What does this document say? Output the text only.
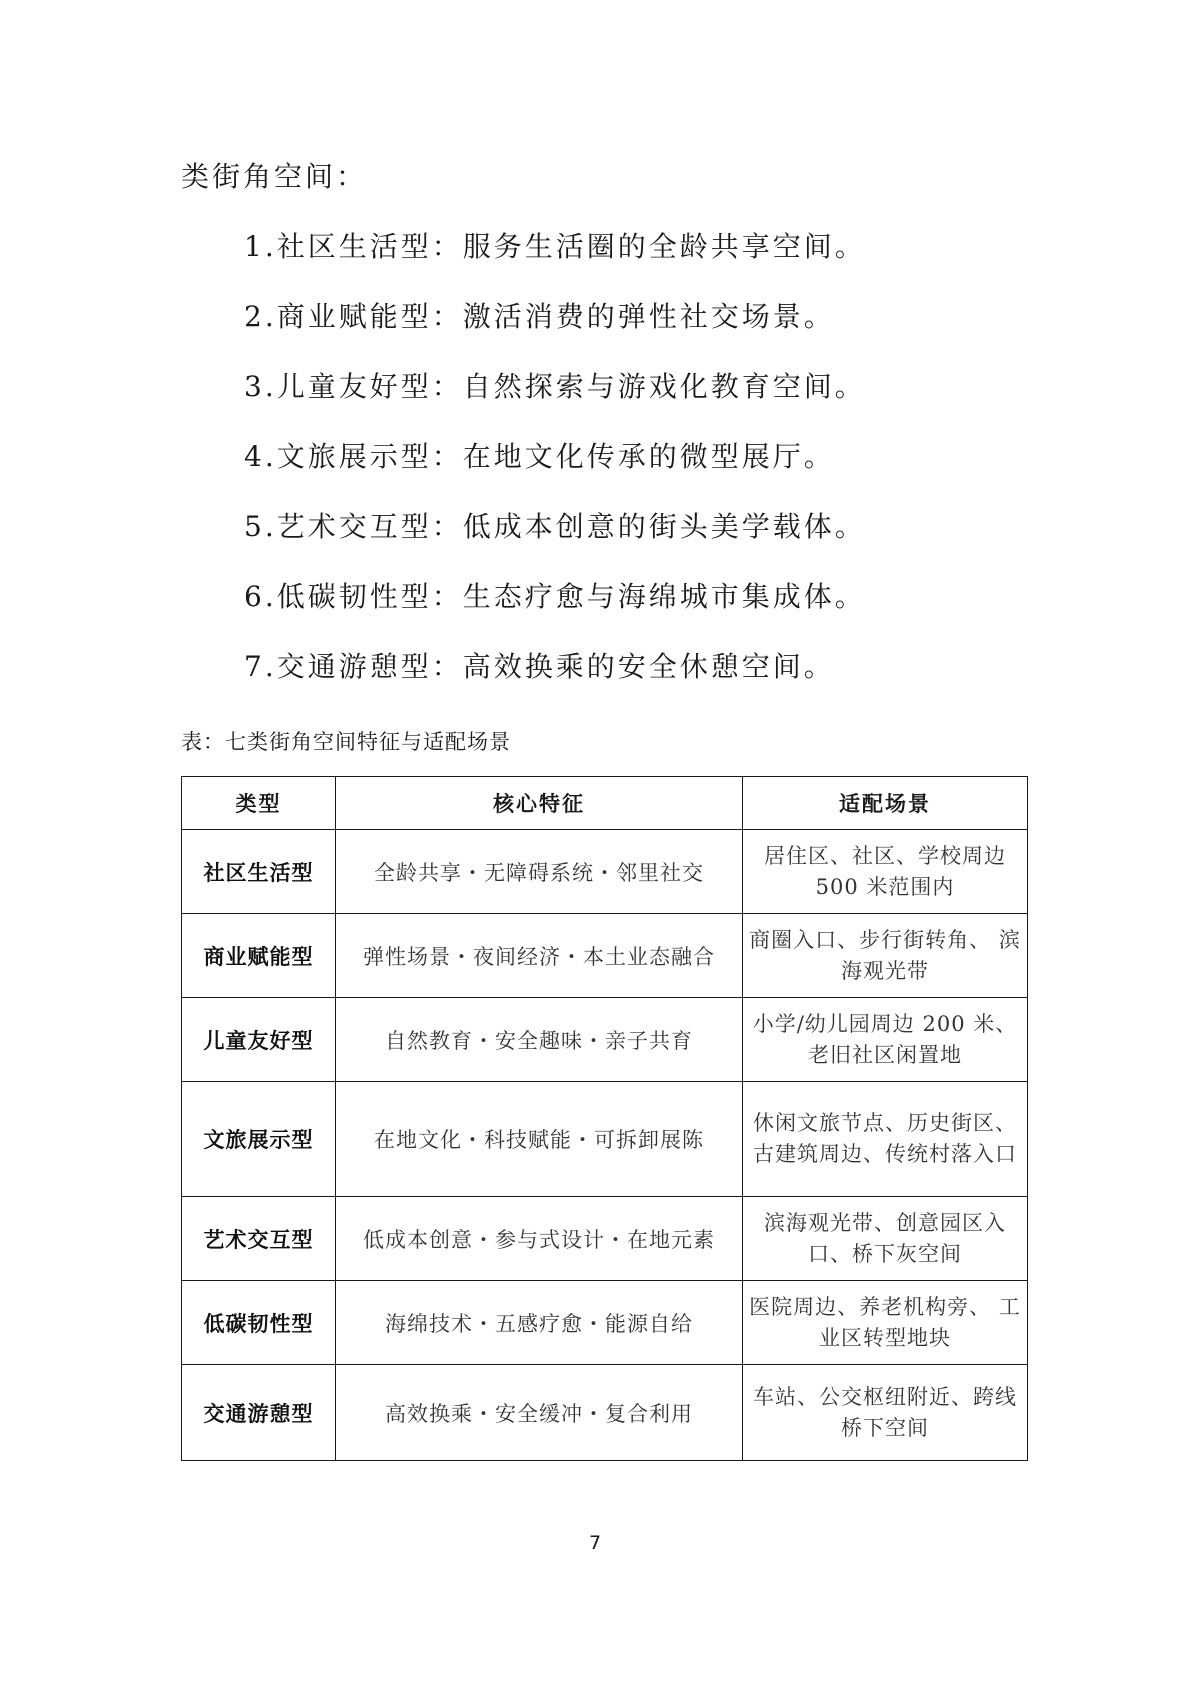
类街角空间：

1.社区生活型：服务生活圈的全龄共享空间。
2.商业赋能型：激活消费的弹性社交场景。
3.儿童友好型：自然探索与游戏化教育空间。
4.文旅展示型：在地文化传承的微型展厅。
5.艺术交互型：低成本创意的街头美学载体。
6.低碳韧性型：生态疗愈与海绵城市集成体。
7.交通游憩型：高效换乘的安全休憩空间。

表：七类街角空间特征与适配场景

类型	核心特征	适配场景
社区生活型	全龄共享・无障碍系统・邻里社交	居住区、社区、学校周边 500 米范围内
商业赋能型	弹性场景・夜间经济・本土业态融合	商圈入口、步行街转角、 滨海观光带
儿童友好型	自然教育・安全趣味・亲子共育	小学/幼儿园周边 200 米、老旧社区闲置地
文旅展示型	在地文化・科技赋能・可拆卸展陈	休闲文旅节点、历史街区、古建筑周边、传统村落入口
艺术交互型	低成本创意・参与式设计・在地元素	滨海观光带、创意园区入口、桥下灰空间
低碳韧性型	海绵技术・五感疗愈・能源自给	医院周边、养老机构旁、 工业区转型地块
交通游憩型	高效换乘・安全缓冲・复合利用	车站、公交枢纽附近、跨线桥下空间

7
